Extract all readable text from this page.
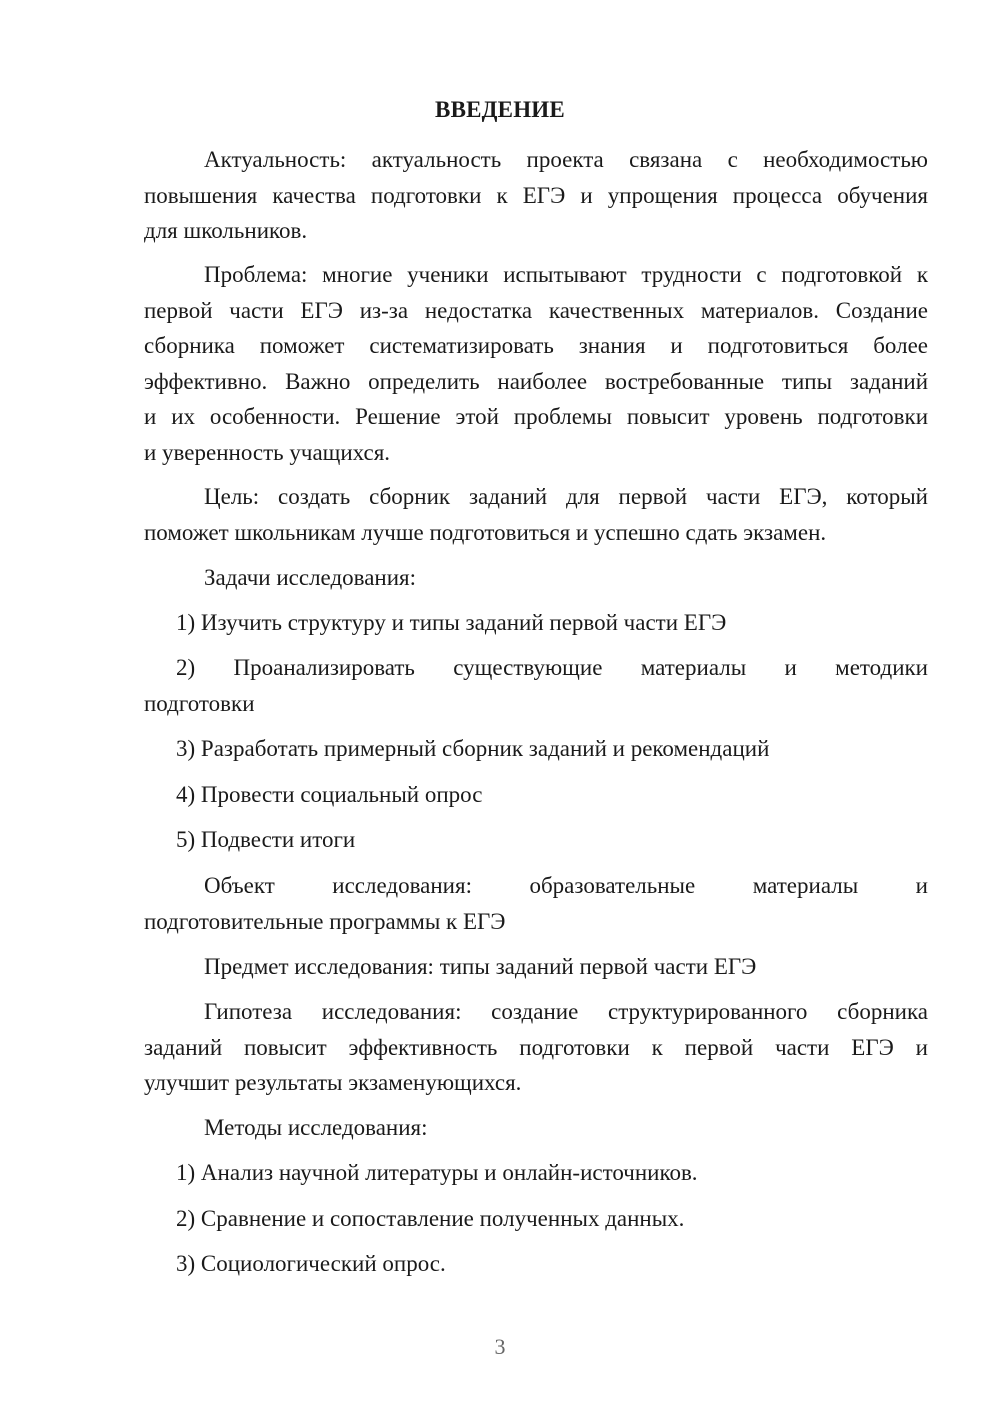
ВВЕДЕНИЕ
Актуальность: актуальность проекта связана с необходимостью
повышения качества подготовки к ЕГЭ и упрощения процесса обучения
для школьников.
Проблема: многие ученики испытывают трудности с подготовкой к
первой части ЕГЭ из-за недостатка качественных материалов. Создание
сборника поможет систематизировать знания и подготовиться более
эффективно. Важно определить наиболее востребованные типы заданий
и их особенности. Решение этой проблемы повысит уровень подготовки
и уверенность учащихся.
Цель: создать сборник заданий для первой части ЕГЭ, который
поможет школьникам лучше подготовиться и успешно сдать экзамен.
Задачи исследования:
1) Изучить структуру и типы заданий первой части ЕГЭ
2) Проанализировать существующие материалы и методики
подготовки
3) Разработать примерный сборник заданий и рекомендаций
4) Провести социальный опрос
5) Подвести итоги
Объект исследования: образовательные материалы и
подготовительные программы к ЕГЭ
Предмет исследования: типы заданий первой части ЕГЭ
Гипотеза исследования: создание структурированного сборника
заданий повысит эффективность подготовки к первой части ЕГЭ и
улучшит результаты экзаменующихся.
Методы исследования:
1) Анализ научной литературы и онлайн-источников.
2) Сравнение и сопоставление полученных данных.
3) Социологический опрос.
3
